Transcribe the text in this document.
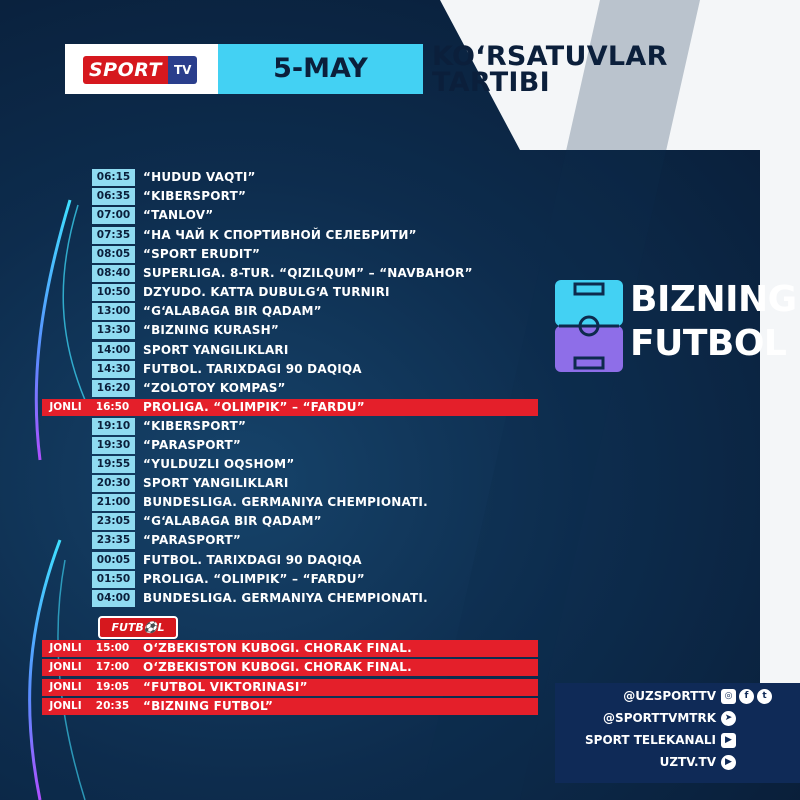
SPORT	TV	5-MAY	KO‘RSATUVLAR
TARTIBI
06:15	“HUDUD VAQTI”
06:35	“KIBERSPORT”
07:00	“TANLOV”
07:35	“НА ЧАЙ К СПОРТИВНОЙ СЕЛЕБРИТИ”
08:05	“SPORT ERUDIT”
08:40	SUPERLIGA. 8-TUR. “QIZILQUM” – “NAVBAHOR”
10:50	DZYUDO. KATTA DUBULG‘A TURNIRI
13:00	“G‘ALABAGA BIR QADAM”
13:30	“BIZNING KURASH”
14:00	SPORT YANGILIKLARI
14:30	FUTBOL. TARIXDAGI 90 DAQIQA
16:20	“ZOLOTOY KOMPAS”
JONLI	16:50	PROLIGA. “OLIMPIK” – “FARDU”
19:10	“KIBERSPORT”
19:30	“PARASPORT”
19:55	“YULDUZLI OQSHOM”
20:30	SPORT YANGILIKLARI
21:00	BUNDESLIGA. GERMANIYA CHEMPIONATI.
23:05	“G‘ALABAGA BIR QADAM”
23:35	“PARASPORT”
00:05	FUTBOL. TARIXDAGI 90 DAQIQA
01:50	PROLIGA. “OLIMPIK” – “FARDU”
04:00	BUNDESLIGA. GERMANIYA CHEMPIONATI.
FUTB⚽L
JONLI	15:00	O‘ZBEKISTON KUBOGI. CHORAK FINAL.
JONLI	17:00	O‘ZBEKISTON KUBOGI. CHORAK FINAL.
JONLI	19:05	“FUTBOL VIKTORINASI”
JONLI	20:35	“BIZNING FUTBOL”
BIZNING
FUTBOL
@UZSPORTTV ◎	f	t
@SPORTTVMTRK ➤
SPORT TELEKANALI	▶
UZTV.TV	▶
